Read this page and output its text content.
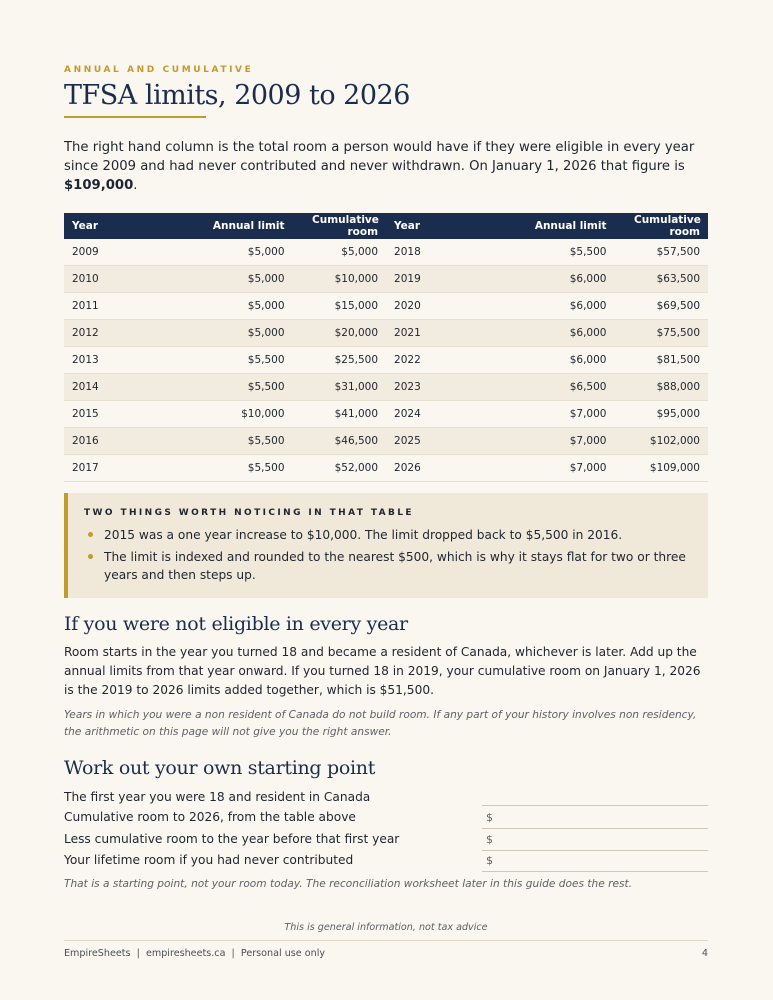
ANNUAL AND CUMULATIVE
TFSA limits, 2009 to 2026

The right hand column is the total room a person would have if they were eligible in every year since 2009 and had never contributed and never withdrawn. On January 1, 2026 that figure is $109,000.

Year	Annual limit	Cumulative room	Year	Annual limit	Cumulative room
2009	$5,000	$5,000	2018	$5,500	$57,500
2010	$5,000	$10,000	2019	$6,000	$63,500
2011	$5,000	$15,000	2020	$6,000	$69,500
2012	$5,000	$20,000	2021	$6,000	$75,500
2013	$5,500	$25,500	2022	$6,000	$81,500
2014	$5,500	$31,000	2023	$6,500	$88,000
2015	$10,000	$41,000	2024	$7,000	$95,000
2016	$5,500	$46,500	2025	$7,000	$102,000
2017	$5,500	$52,000	2026	$7,000	$109,000
TWO THINGS WORTH NOTICING IN THAT TABLE
2015 was a one year increase to $10,000. The limit dropped back to $5,500 in 2016.
The limit is indexed and rounded to the nearest $500, which is why it stays flat for two or three years and then steps up.
If you were not eligible in every year

Room starts in the year you turned 18 and became a resident of Canada, whichever is later. Add up the annual limits from that year onward. If you turned 18 in 2019, your cumulative room on January 1, 2026 is the 2019 to 2026 limits added together, which is $51,500.

Years in which you were a non resident of Canada do not build room. If any part of your history involves non residency, the arithmetic on this page will not give you the right answer.

Work out your own starting point
The first year you were 18 and resident in Canada
Cumulative room to 2026, from the table above	$
Less cumulative room to the year before that first year	$
Your lifetime room if you had never contributed	$

That is a starting point, not your room today. The reconciliation worksheet later in this guide does the rest.

This is general information, not tax advice
EmpireSheets  |  empiresheets.ca  |  Personal use only	4
